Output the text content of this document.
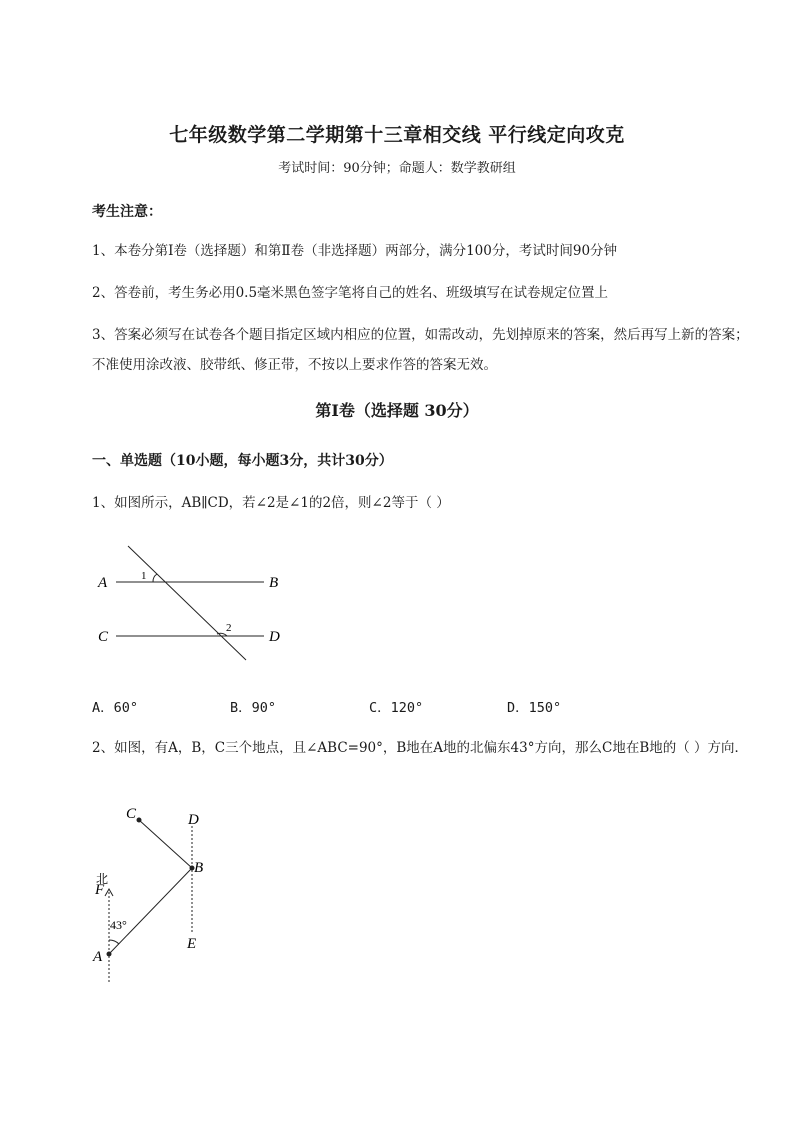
七年级数学第二学期第十三章相交线 平行线定向攻克
考试时间：90分钟；命题人：数学教研组
考生注意：
1、本卷分第I卷（选择题）和第Ⅱ卷（非选择题）两部分，满分100分，考试时间90分钟
2、答卷前，考生务必用0.5毫米黑色签字笔将自己的姓名、班级填写在试卷规定位置上
3、答案必须写在试卷各个题目指定区域内相应的位置，如需改动，先划掉原来的答案，然后再写上新的答案；不准使用涂改液、胶带纸、修正带，不按以上要求作答的答案无效。
第I卷（选择题 30分）
一、单选题（10小题，每小题3分，共计30分）
1、如图所示，AB∥CD，若∠2是∠1的2倍，则∠2等于（ ）
A	B
C	D
1
2
A．60°	B．90°	C．120°	D．150°
2、如图，有A，B，C三个地点，且∠ABC=90°，B地在A地的北偏东43°方向，那么C地在B地的（ ）方向．
C	D
B
北
F
43°
E
A
